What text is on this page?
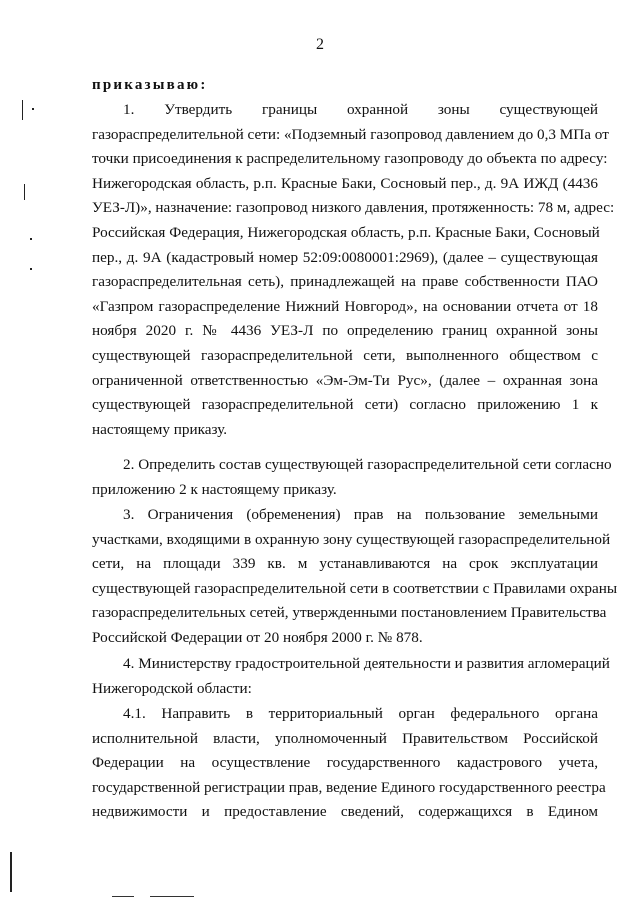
2
приказываю:
1. Утвердить границы охранной зоны существующей
газораспределительной сети: «Подземный газопровод давлением до 0,3 МПа от
точки присоединения к распределительному газопроводу до объекта по адресу:
Нижегородская область, р.п. Красные Баки, Сосновый пер., д. 9А ИЖД (4436
УЕЗ-Л)», назначение: газопровод низкого давления, протяженность: 78 м, адрес:
Российская Федерация, Нижегородская область, р.п. Красные Баки, Сосновый
пер., д. 9А (кадастровый номер 52:09:0080001:2969), (далее – существующая
газораспределительная сеть), принадлежащей на праве собственности ПАО
«Газпром газораспределение Нижний Новгород», на основании отчета от 18
ноября 2020 г. № 4436 УЕЗ-Л по определению границ охранной зоны
существующей газораспределительной сети, выполненного обществом с
ограниченной ответственностью «Эм-Эм-Ти Рус», (далее – охранная зона
существующей газораспределительной сети) согласно приложению 1 к
настоящему приказу.
2. Определить состав существующей газораспределительной сети согласно
приложению 2 к настоящему приказу.
3. Ограничения (обременения) прав на пользование земельными
участками, входящими в охранную зону существующей газораспределительной
сети, на площади 339 кв. м устанавливаются на срок эксплуатации
существующей газораспределительной сети в соответствии с Правилами охраны
газораспределительных сетей, утвержденными постановлением Правительства
Российской Федерации от 20 ноября 2000 г. № 878.
4. Министерству градостроительной деятельности и развития агломераций
Нижегородской области:
4.1. Направить в территориальный орган федерального органа
исполнительной власти, уполномоченный Правительством Российской
Федерации на осуществление государственного кадастрового учета,
государственной регистрации прав, ведение Единого государственного реестра
недвижимости и предоставление сведений, содержащихся в Едином
